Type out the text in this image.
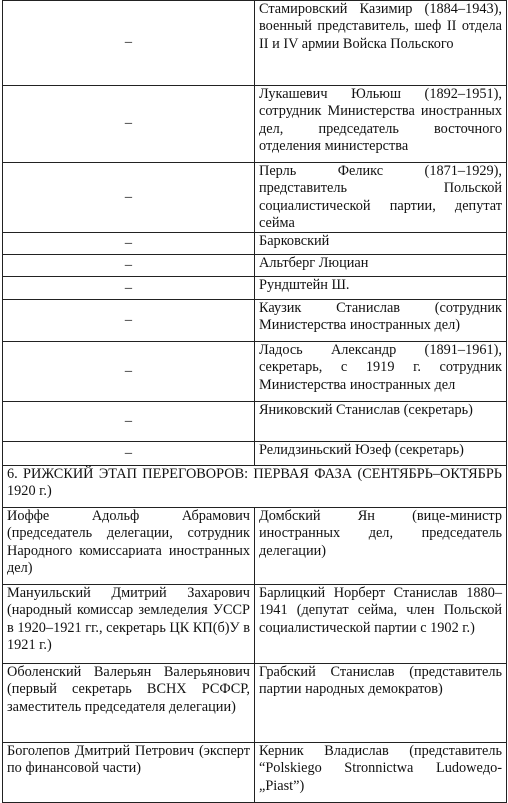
–	Стамировский Казимир (1884–1943), военный представитель, шеф II отдела II и IV армии Войска Польского
–	Лукашевич Юльюш (1892–1951), сотрудник Министерства иностранных дел, председатель восточного отделения министерства
–	Перль Феликс (1871–1929), представитель Польской социалистической партии, депутат сейма
–	Барковский
–	Альтберг Люциан
–	Рундштейн Ш.
–	Каузик Станислав (сотрудник Министерства иностранных дел)
–	Ладось Александр (1891–1961), секретарь, с 1919 г. сотрудник Министерства иностранных дел
–	Яниковский Станислав (секретарь)
–	Релидзиньский Юзеф (секретарь)
6. РИЖСКИЙ ЭТАП ПЕРЕГОВОРОВ: ПЕРВАЯ ФАЗА (СЕНТЯБРЬ–ОКТЯБРЬ 1920 г.)	
Иоффе Адольф Абрамович (председатель делегации, сотрудник Народного комиссариата иностранных дел)	Домбский Ян (вице-министр иностранных дел, председатель делегации)
Мануильский Дмитрий Захарович (народный комиссар земледелия УССР в 1920–1921 гг., секретарь ЦК КП(б)У в 1921 г.)	Барлицкий Норберт Станислав 1880–1941 (депутат сейма, член Польской социалистической партии с 1902 г.)
Оболенский Валерьян Валерьянович (первый секретарь ВСНХ РСФСР, заместитель председателя делегации)	Грабский Станислав (представитель партии народных демократов)
Боголепов Дмитрий Петрович (эксперт по финансовой части)	Керник Владислав (представитель “Polskiego Stronnictwa Ludoweдо-„Piast”)
